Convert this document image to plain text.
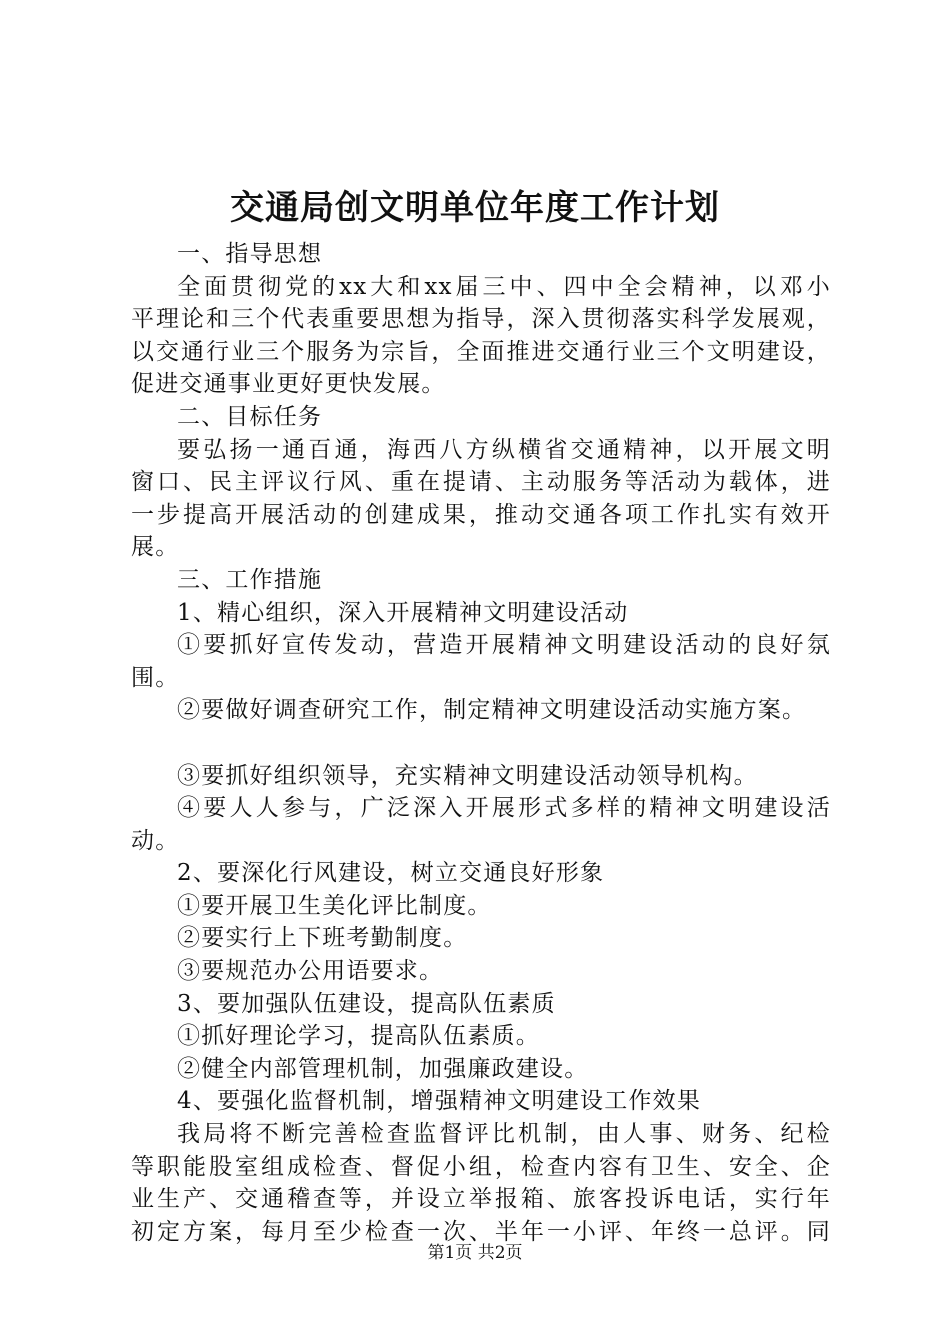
交通局创文明单位年度工作计划
一、指导思想
全面贯彻党的xx大和xx届三中、四中全会精神，以邓小
平理论和三个代表重要思想为指导，深入贯彻落实科学发展观，
以交通行业三个服务为宗旨，全面推进交通行业三个文明建设，
促进交通事业更好更快发展。
二、目标任务
要弘扬一通百通，海西八方纵横省交通精神，以开展文明
窗口、民主评议行风、重在提请、主动服务等活动为载体，进
一步提高开展活动的创建成果，推动交通各项工作扎实有效开
展。
三、工作措施
1、精心组织，深入开展精神文明建设活动
①要抓好宣传发动，营造开展精神文明建设活动的良好氛
围。
②要做好调查研究工作，制定精神文明建设活动实施方案。
③要抓好组织领导，充实精神文明建设活动领导机构。
④要人人参与，广泛深入开展形式多样的精神文明建设活
动。
2、要深化行风建设，树立交通良好形象
①要开展卫生美化评比制度。
②要实行上下班考勤制度。
③要规范办公用语要求。
3、要加强队伍建设，提高队伍素质
①抓好理论学习，提高队伍素质。
②健全内部管理机制，加强廉政建设。
4、要强化监督机制，增强精神文明建设工作效果
我局将不断完善检查监督评比机制，由人事、财务、纪检
等职能股室组成检查、督促小组，检查内容有卫生、安全、企
业生产、交通稽查等，并设立举报箱、旅客投诉电话，实行年
初定方案，每月至少检查一次、半年一小评、年终一总评。同
第1页 共2页
